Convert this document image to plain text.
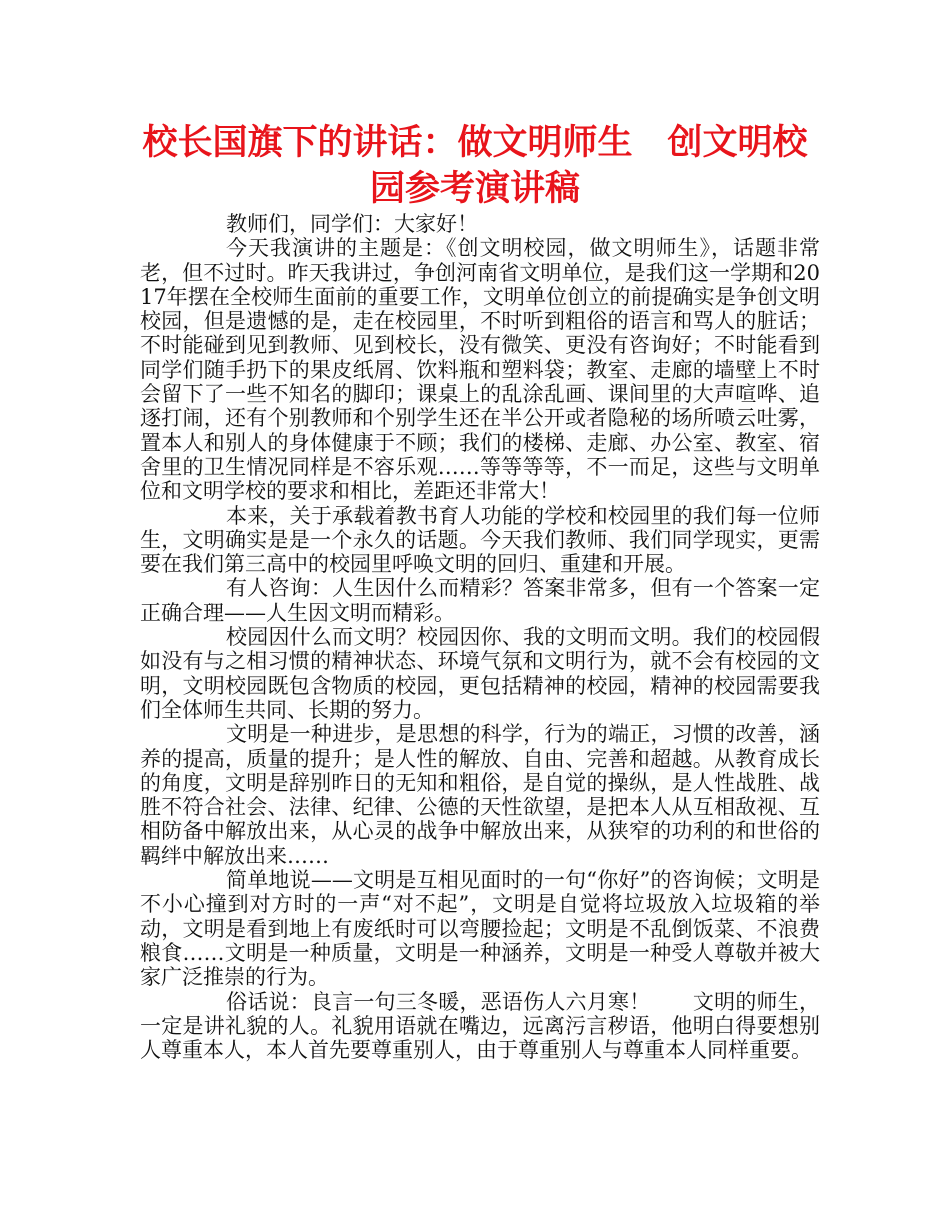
校长国旗下的讲话：做文明师生　创文明校园参考演讲稿

教师们，同学们：大家好！

今天我演讲的主题是：《创文明校园，做文明师生》，话题非常老，但不过时。昨天我讲过，争创河南省文明单位，是我们这一学期和2017年摆在全校师生面前的重要工作，文明单位创立的前提确实是争创文明校园，但是遗憾的是，走在校园里，不时听到粗俗的语言和骂人的脏话；不时能碰到见到教师、见到校长，没有微笑、更没有咨询好；不时能看到同学们随手扔下的果皮纸屑、饮料瓶和塑料袋；教室、走廊的墙壁上不时会留下了一些不知名的脚印；课桌上的乱涂乱画、课间里的大声喧哗、追逐打闹，还有个别教师和个别学生还在半公开或者隐秘的场所喷云吐雾，置本人和别人的身体健康于不顾；我们的楼梯、走廊、办公室、教室、宿舍里的卫生情况同样是不容乐观……等等等等，不一而足，这些与文明单位和文明学校的要求和相比，差距还非常大！

本来，关于承载着教书育人功能的学校和校园里的我们每一位师生，文明确实是是一个永久的话题。今天我们教师、我们同学现实，更需要在我们第三高中的校园里呼唤文明的回归、重建和开展。

有人咨询：人生因什么而精彩？答案非常多，但有一个答案一定正确合理——人生因文明而精彩。

校园因什么而文明？校园因你、我的文明而文明。我们的校园假如没有与之相习惯的精神状态、环境气氛和文明行为，就不会有校园的文明，文明校园既包含物质的校园，更包括精神的校园，精神的校园需要我们全体师生共同、长期的努力。

文明是一种进步，是思想的科学，行为的端正，习惯的改善，涵养的提高，质量的提升；是人性的解放、自由、完善和超越。从教育成长的角度，文明是辞别昨日的无知和粗俗，是自觉的操纵，是人性战胜、战胜不符合社会、法律、纪律、公德的天性欲望，是把本人从互相敌视、互相防备中解放出来，从心灵的战争中解放出来，从狭窄的功利的和世俗的羁绊中解放出来……

简单地说——文明是互相见面时的一句“你好”的咨询候；文明是不小心撞到对方时的一声“对不起”，文明是自觉将垃圾放入垃圾箱的举动，文明是看到地上有废纸时可以弯腰捡起；文明是不乱倒饭菜、不浪费粮食……文明是一种质量，文明是一种涵养，文明是一种受人尊敬并被大家广泛推崇的行为。

俗话说：良言一句三冬暖，恶语伤人六月寒！　　文明的师生，一定是讲礼貌的人。礼貌用语就在嘴边，远离污言秽语，他明白得要想别人尊重本人，本人首先要尊重别人，由于尊重别人与尊重本人同样重要。
